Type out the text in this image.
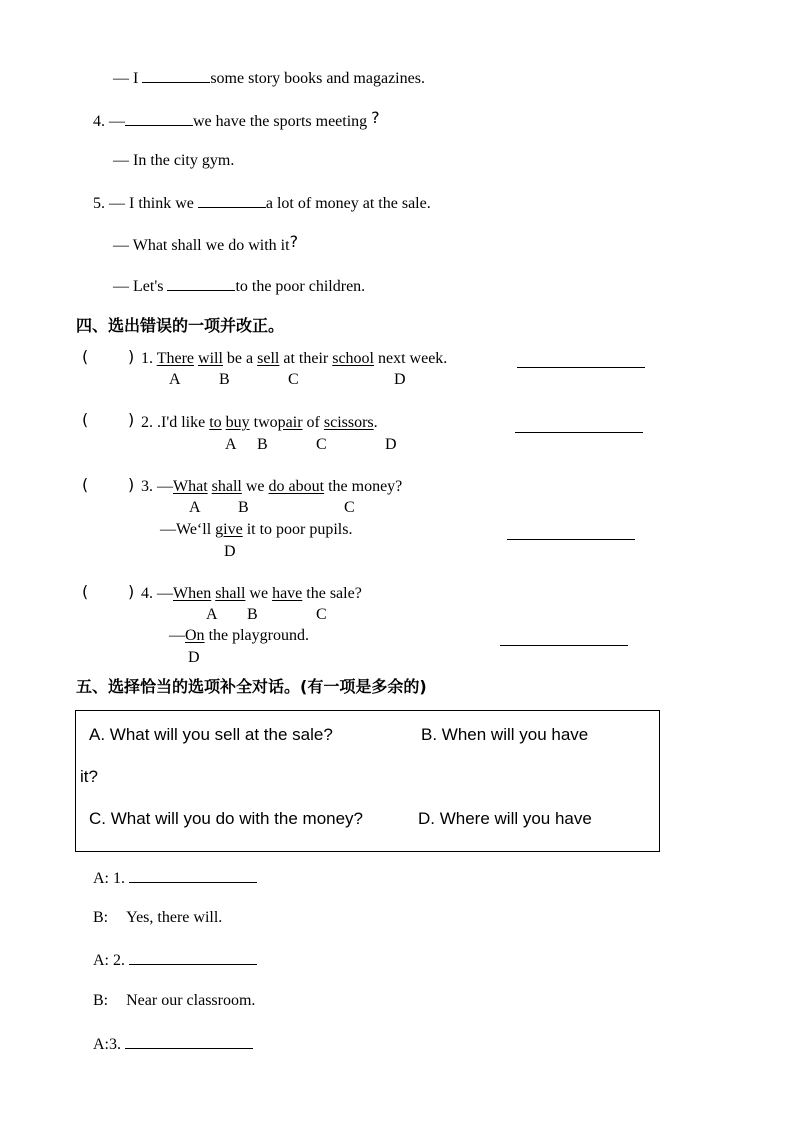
— I	some story books and magazines.
4. —	we have the sports meeting ?
— In the city gym.
5. — I think we	a lot of money at the sale.
— What shall we do with it?
— Let's	to the poor children.
四、选出错误的一项并改正。
( ) 1. There will be a sell at their school next week.
A B	C	D
( ) 2. .I'd like to buy twopair of scissors.
A B	C	D
( ) 3. —What shall we do about the money?
A B	C
—We‘ll give it to poor pupils.
D
( ) 4. —When shall we have the sale?
A B	C
—On the playground.
D
五、选择恰当的选项补全对话。(有一项是多余的)
A. What will you sell at the sale?	B. When will you have
it?
C. What will you do with the money?	D. Where will you have
A: 1.
B: Yes, there will.
A: 2.
B: Near our classroom.
A:3.
